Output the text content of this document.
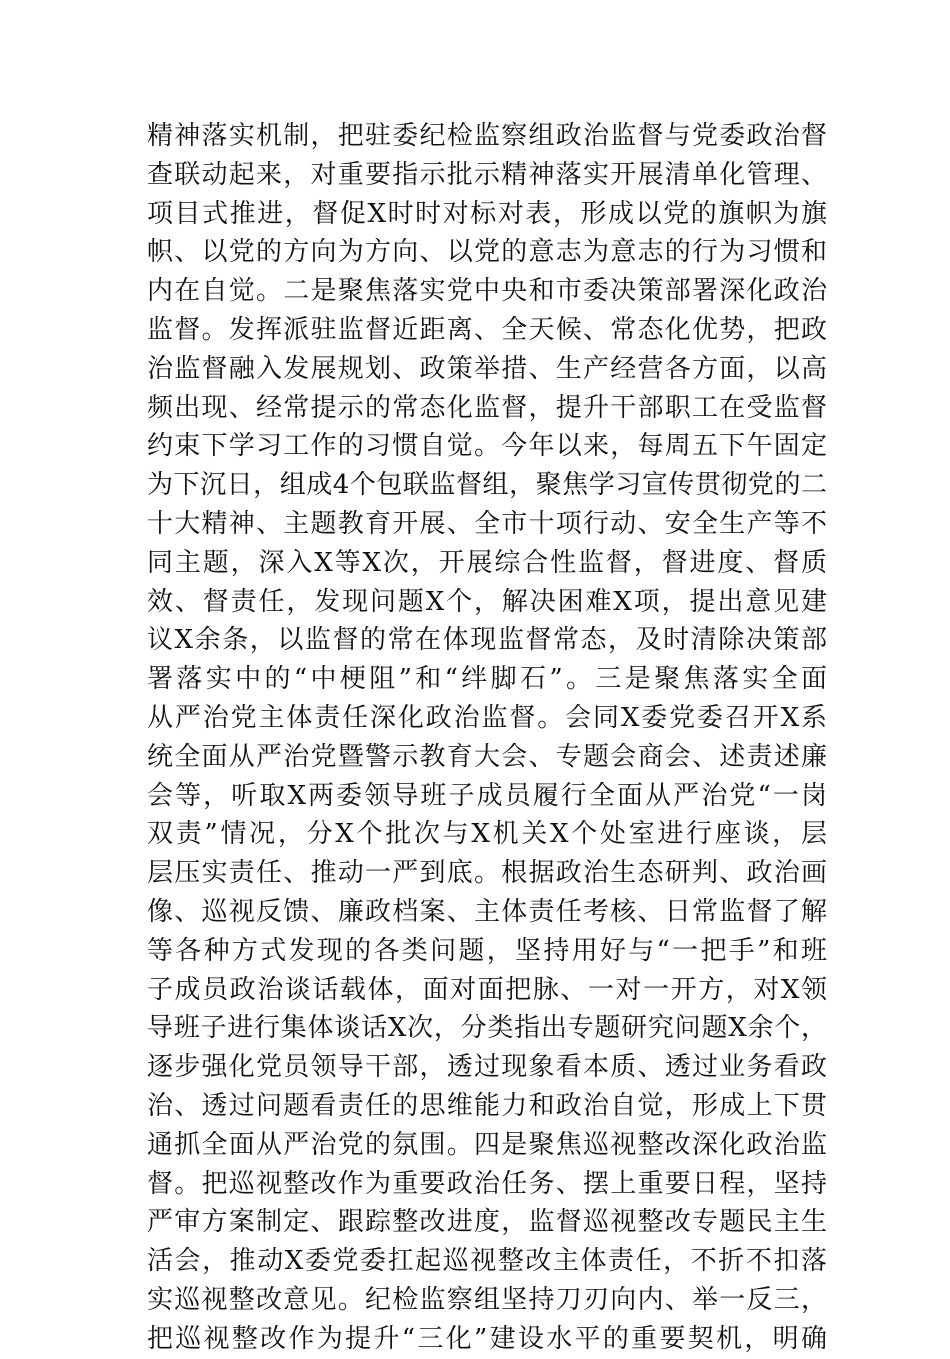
精神落实机制，把驻委纪检监察组政治监督与党委政治督
查联动起来，对重要指示批示精神落实开展清单化管理、
项目式推进，督促X时时对标对表，形成以党的旗帜为旗
帜、以党的方向为方向、以党的意志为意志的行为习惯和
内在自觉。二是聚焦落实党中央和市委决策部署深化政治
监督。发挥派驻监督近距离、全天候、常态化优势，把政
治监督融入发展规划、政策举措、生产经营各方面，以高
频出现、经常提示的常态化监督，提升干部职工在受监督
约束下学习工作的习惯自觉。今年以来，每周五下午固定
为下沉日，组成4个包联监督组，聚焦学习宣传贯彻党的二
十大精神、主题教育开展、全市十项行动、安全生产等不
同主题，深入X等X次，开展综合性监督，督进度、督质
效、督责任，发现问题X个，解决困难X项，提出意见建
议X余条，以监督的常在体现监督常态，及时清除决策部
署落实中的“中梗阻”和“绊脚石”。三是聚焦落实全面
从严治党主体责任深化政治监督。会同X委党委召开X系
统全面从严治党暨警示教育大会、专题会商会、述责述廉
会等，听取X两委领导班子成员履行全面从严治党“一岗
双责”情况，分X个批次与X机关X个处室进行座谈，层
层压实责任、推动一严到底。根据政治生态研判、政治画
像、巡视反馈、廉政档案、主体责任考核、日常监督了解
等各种方式发现的各类问题，坚持用好与“一把手”和班
子成员政治谈话载体，面对面把脉、一对一开方，对X领
导班子进行集体谈话X次，分类指出专题研究问题X余个，
逐步强化党员领导干部，透过现象看本质、透过业务看政
治、透过问题看责任的思维能力和政治自觉，形成上下贯
通抓全面从严治党的氛围。四是聚焦巡视整改深化政治监
督。把巡视整改作为重要政治任务、摆上重要日程，坚持
严审方案制定、跟踪整改进度，监督巡视整改专题民主生
活会，推动X委党委扛起巡视整改主体责任，不折不扣落
实巡视整改意见。纪检监察组坚持刀刃向内、举一反三，
把巡视整改作为提升“三化”建设水平的重要契机，明确
